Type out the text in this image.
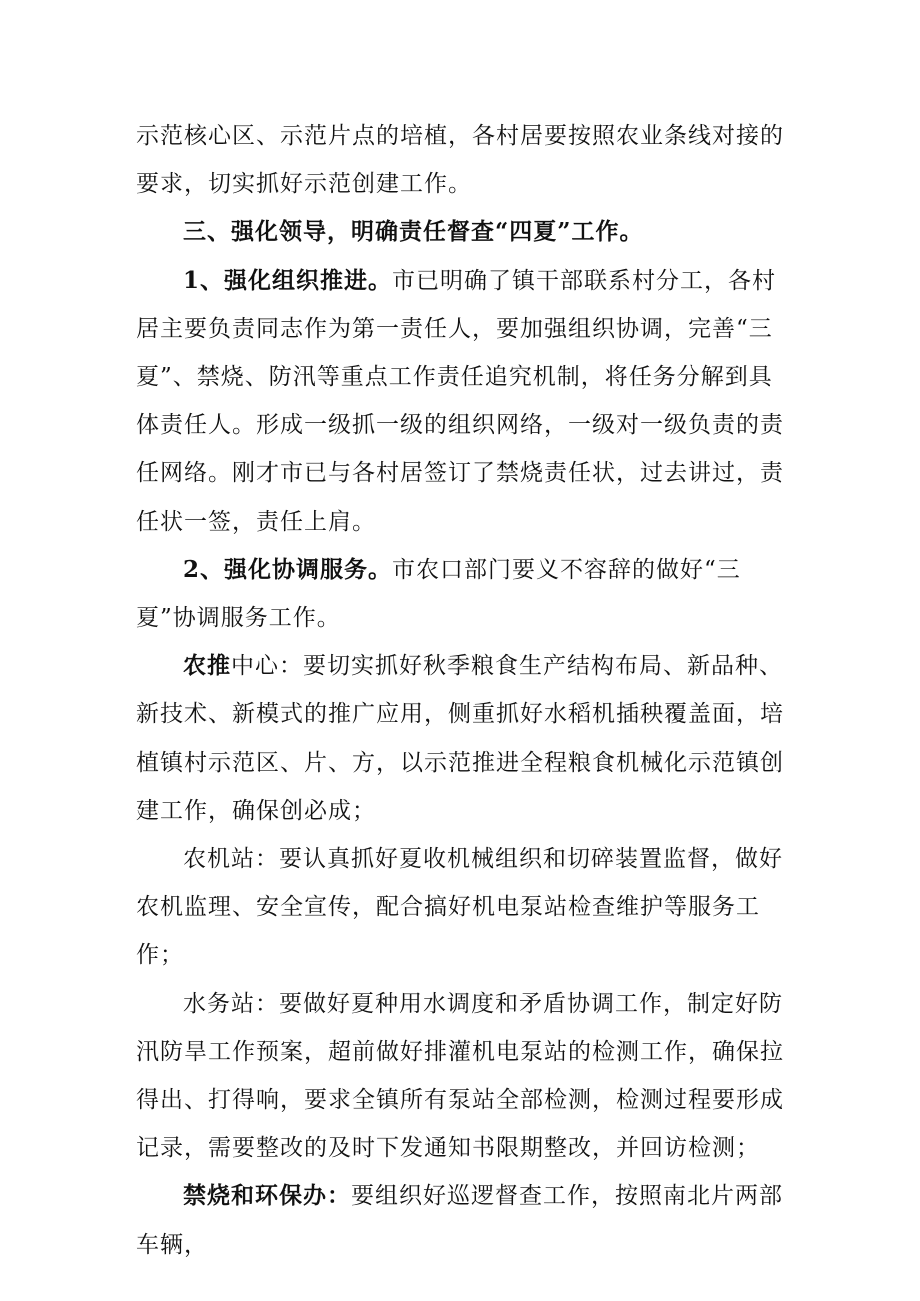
示范核心区、示范片点的培植，各村居要按照农业条线对接的要求，切实抓好示范创建工作。

三、强化领导，明确责任督查“四夏”工作。

1、强化组织推进。市已明确了镇干部联系村分工，各村居主要负责同志作为第一责任人，要加强组织协调，完善“三夏”、禁烧、防汛等重点工作责任追究机制，将任务分解到具体责任人。形成一级抓一级的组织网络，一级对一级负责的责任网络。刚才市已与各村居签订了禁烧责任状，过去讲过，责任状一签，责任上肩。

2、强化协调服务。市农口部门要义不容辞的做好“三夏”协调服务工作。

农推中心：要切实抓好秋季粮食生产结构布局、新品种、新技术、新模式的推广应用，侧重抓好水稻机插秧覆盖面，培植镇村示范区、片、方，以示范推进全程粮食机械化示范镇创建工作，确保创必成；

农机站：要认真抓好夏收机械组织和切碎装置监督，做好农机监理、安全宣传，配合搞好机电泵站检查维护等服务工作；

水务站：要做好夏种用水调度和矛盾协调工作，制定好防汛防旱工作预案，超前做好排灌机电泵站的检测工作，确保拉得出、打得响，要求全镇所有泵站全部检测，检测过程要形成记录，需要整改的及时下发通知书限期整改，并回访检测；

禁烧和环保办：要组织好巡逻督查工作，按照南北片两部车辆，
